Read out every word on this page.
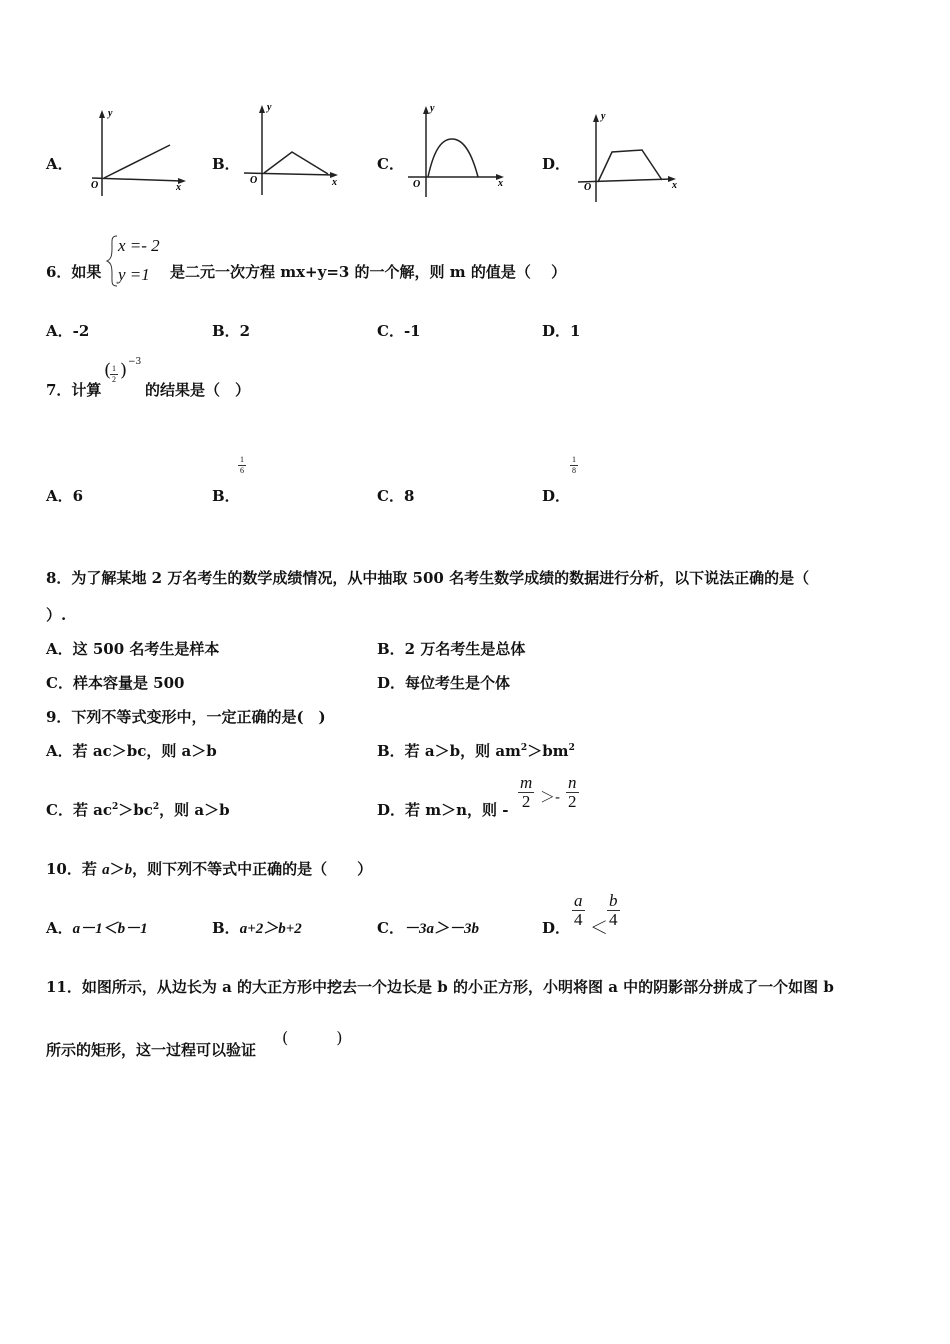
A．
y
O	x
B．
y
O	x
C．
y
O	x
D．
y
O	x
6．如果
x =- 2
y =1 是二元一次方程 mx+y=3 的一个解，则 m 的值是（　 ）
A．-2	B．2	C．-1	D．1
7．计算
(
$\frac{1}{2}$ ) −3
的结果是（　）
A．6	B．
$\frac{1}{6}$
C．8	D．
$\frac{1}{8}$
8．为了解某地 2 万名考生的数学成绩情况，从中抽取 500 名考生数学成绩的数据进行分析，以下说法正确的是（
）.
A．这 500 名考生是样本	B．2 万名考生是总体
C．样本容量是 500	D．每位考生是个体
9．下列不等式变形中，一定正确的是(　)
A．若 ac＞bc，则 a＞b	B．若 a＞b，则 $am^2>bm^2$
C．若 $ac^2>bc^2$，则 a＞b	D．若 m＞n，则 - $\frac{m}{2} >- \frac{n}{2}$
10．若 a＞b，则下列不等式中正确的是（　　）
A．a－1＜b－1	B．a+2＞b+2	C．－3a＞－3b	D． $\frac{a}{4} < \frac{b}{4}$
11．如图所示，从边长为 a 的大正方形中挖去一个边长是 b 的小正方形，小明将图 a 中的阴影部分拼成了一个如图 b
所示的矩形，这一过程可以验证
(　　　)
